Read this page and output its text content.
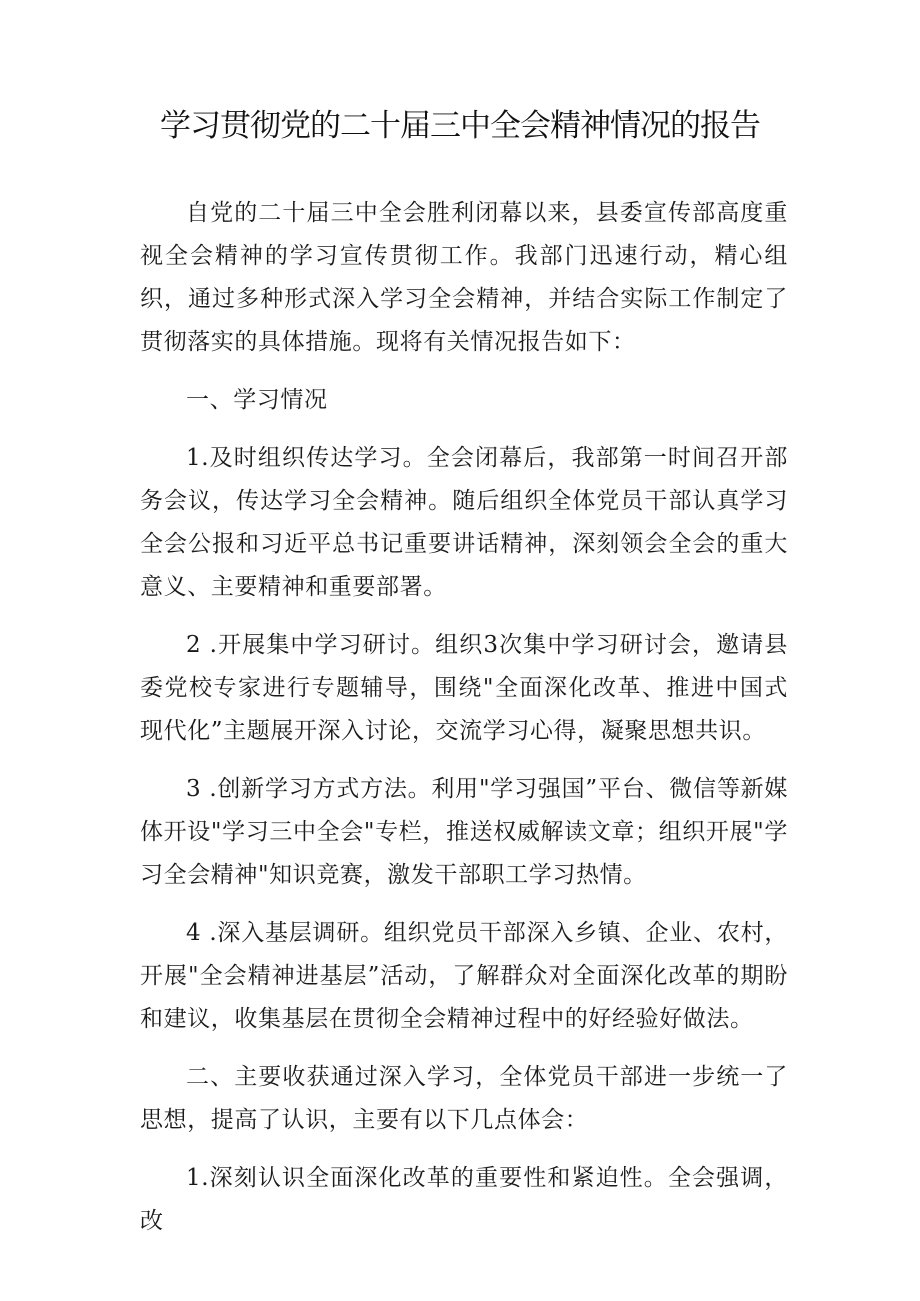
学习贯彻党的二十届三中全会精神情况的报告

自党的二十届三中全会胜利闭幕以来，县委宣传部高度重视全会精神的学习宣传贯彻工作。我部门迅速行动，精心组织，通过多种形式深入学习全会精神，并结合实际工作制定了贯彻落实的具体措施。现将有关情况报告如下：

一、学习情况

1.及时组织传达学习。全会闭幕后，我部第一时间召开部务会议，传达学习全会精神。随后组织全体党员干部认真学习全会公报和习近平总书记重要讲话精神，深刻领会全会的重大意义、主要精神和重要部署。

2 .开展集中学习研讨。组织3次集中学习研讨会，邀请县委党校专家进行专题辅导，围绕"全面深化改革、推进中国式现代化”主题展开深入讨论，交流学习心得，凝聚思想共识。

3 .创新学习方式方法。利用"学习强国”平台、微信等新媒体开设"学习三中全会"专栏，推送权威解读文章；组织开展"学习全会精神"知识竞赛，激发干部职工学习热情。

4 .深入基层调研。组织党员干部深入乡镇、企业、农村，开展"全会精神进基层”活动，了解群众对全面深化改革的期盼和建议，收集基层在贯彻全会精神过程中的好经验好做法。

二、主要收获通过深入学习，全体党员干部进一步统一了思想，提高了认识，主要有以下几点体会：

1.深刻认识全面深化改革的重要性和紧迫性。全会强调，改
